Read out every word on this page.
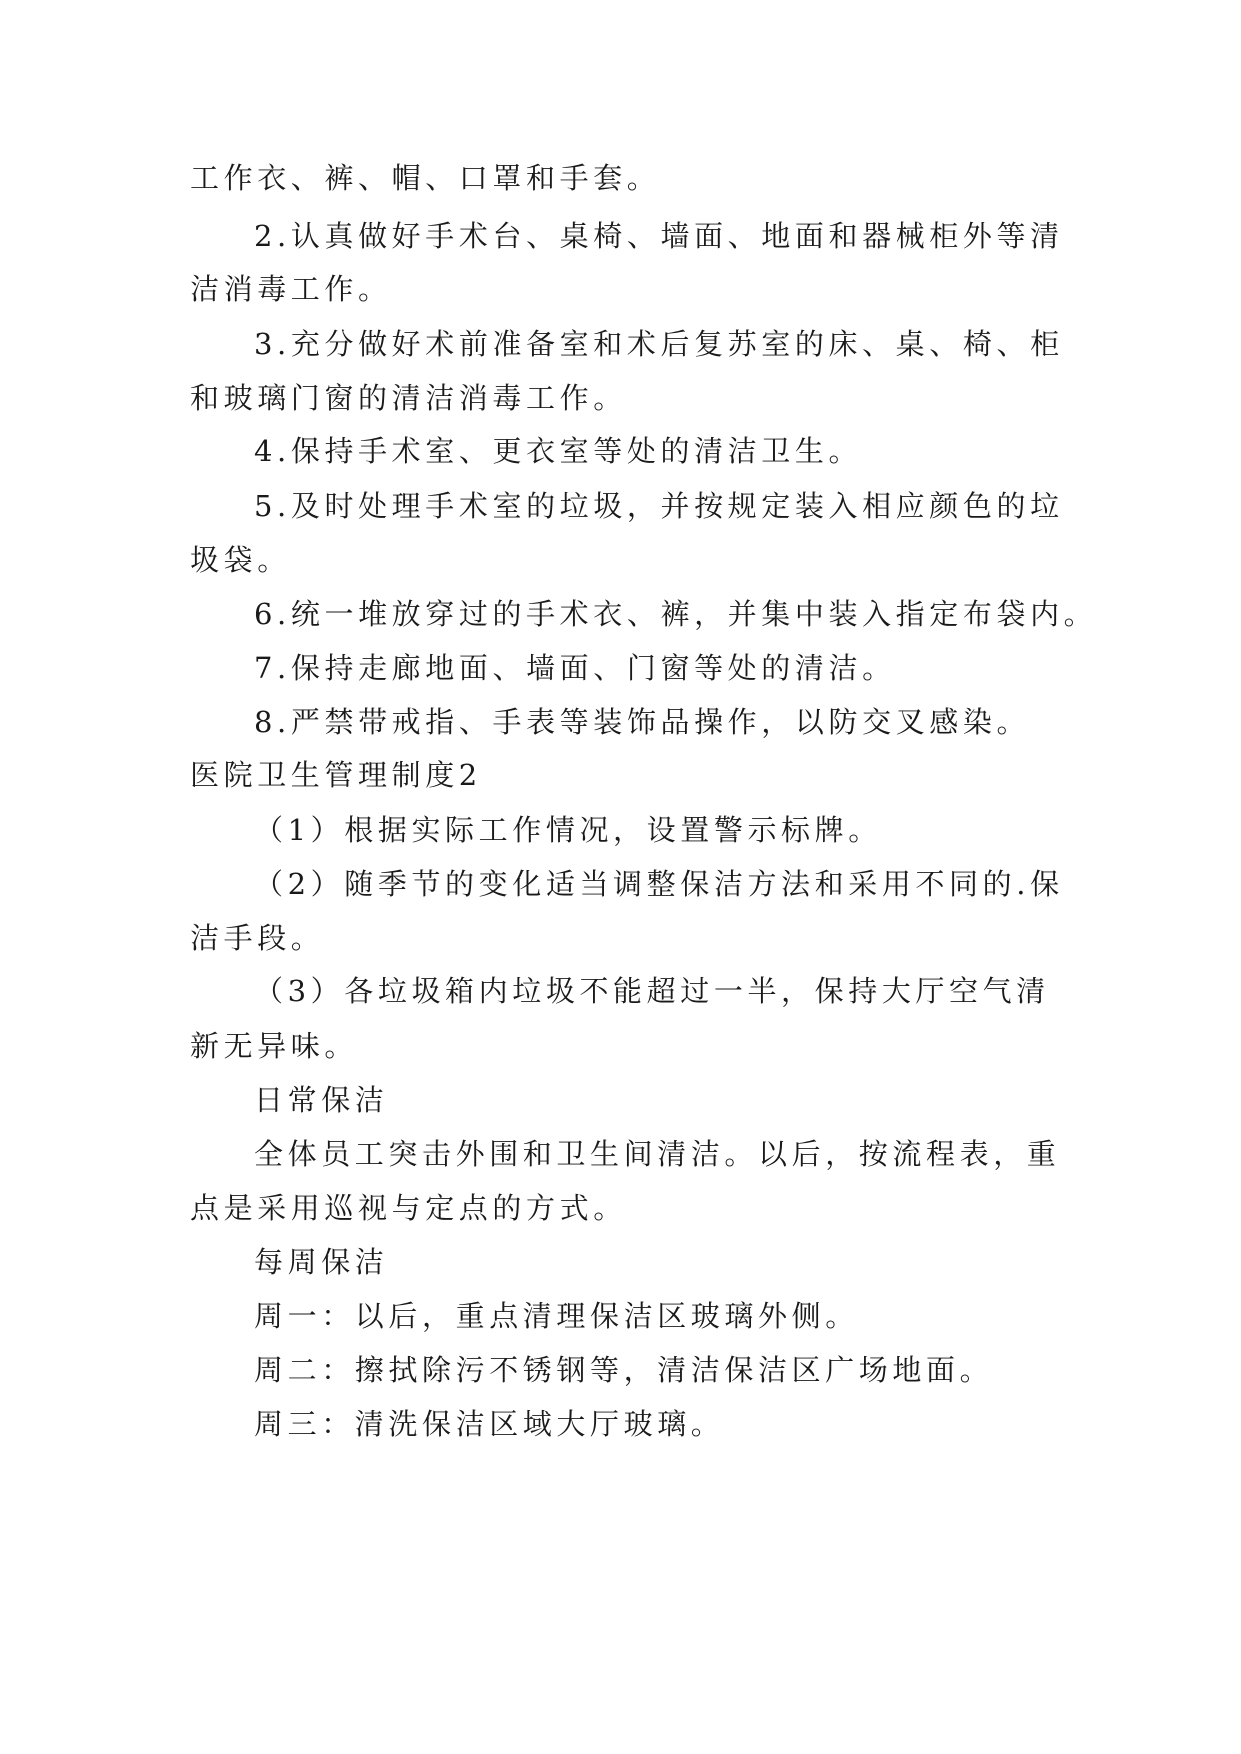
工作衣、裤、帽、口罩和手套。
2.认真做好手术台、桌椅、墙面、地面和器械柜外等清
洁消毒工作。
3.充分做好术前准备室和术后复苏室的床、桌、椅、柜
和玻璃门窗的清洁消毒工作。
4.保持手术室、更衣室等处的清洁卫生。
5.及时处理手术室的垃圾，并按规定装入相应颜色的垃
圾袋。
6.统一堆放穿过的手术衣、裤，并集中装入指定布袋内。
7.保持走廊地面、墙面、门窗等处的清洁。
8.严禁带戒指、手表等装饰品操作，以防交叉感染。
医院卫生管理制度2
（1）根据实际工作情况，设置警示标牌。
（2）随季节的变化适当调整保洁方法和采用不同的.保
洁手段。
（3）各垃圾箱内垃圾不能超过一半，保持大厅空气清
新无异味。
日常保洁
全体员工突击外围和卫生间清洁。以后，按流程表，重
点是采用巡视与定点的方式。
每周保洁
周一：以后，重点清理保洁区玻璃外侧。
周二：擦拭除污不锈钢等，清洁保洁区广场地面。
周三：清洗保洁区域大厅玻璃。
